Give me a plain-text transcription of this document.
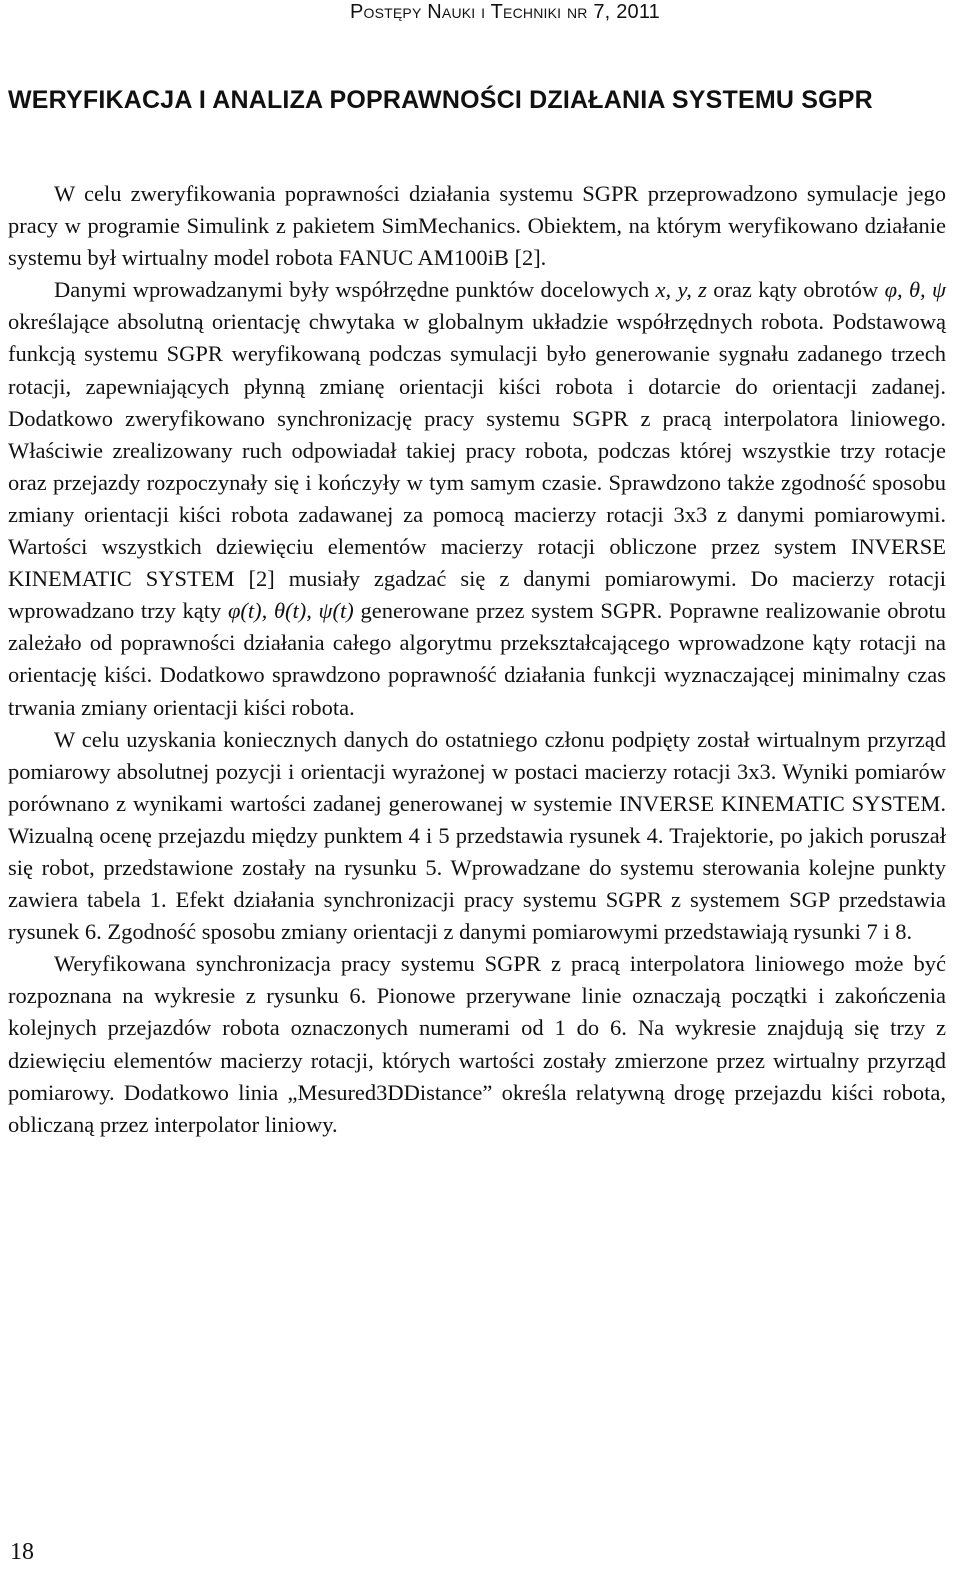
Postępy Nauki i Techniki nr 7, 2011
WERYFIKACJA I ANALIZA POPRAWNOŚCI DZIAŁANIA SYSTEMU SGPR

W celu zweryfikowania poprawności działania systemu SGPR przeprowadzono symulacje jego pracy w programie Simulink z pakietem SimMechanics. Obiektem, na którym weryfikowano działanie systemu był wirtualny model robota FANUC AM100iB [2].

Danymi wprowadzanymi były współrzędne punktów docelowych x, y, z oraz kąty obrotów φ, θ, ψ określające absolutną orientację chwytaka w globalnym układzie współrzędnych robota. Podstawową funkcją systemu SGPR weryfikowaną podczas symulacji było generowanie sygnału zadanego trzech rotacji, zapewniających płynną zmianę orientacji kiści robota i dotarcie do orientacji zadanej. Dodatkowo zweryfikowano synchronizację pracy systemu SGPR z pracą interpolatora liniowego. Właściwie zrealizowany ruch odpowiadał takiej pracy robota, podczas której wszystkie trzy rotacje oraz przejazdy rozpoczynały się i kończyły w tym samym czasie. Sprawdzono także zgodność sposobu zmiany orientacji kiści robota zadawanej za pomocą macierzy rotacji 3x3 z danymi pomiarowymi. Wartości wszystkich dziewięciu elementów macierzy rotacji obliczone przez system INVERSE KINEMATIC SYSTEM [2] musiały zgadzać się z danymi pomiarowymi. Do macierzy rotacji wprowadzano trzy kąty φ(t), θ(t), ψ(t) generowane przez system SGPR. Poprawne realizowanie obrotu zależało od poprawności działania całego algorytmu przekształcającego wprowadzone kąty rotacji na orientację kiści. Dodatkowo sprawdzono poprawność działania funkcji wyznaczającej minimalny czas trwania zmiany orientacji kiści robota.

W celu uzyskania koniecznych danych do ostatniego członu podpięty został wirtualnym przyrząd pomiarowy absolutnej pozycji i orientacji wyrażonej w postaci macierzy rotacji 3x3. Wyniki pomiarów porównano z wynikami wartości zadanej generowanej w systemie INVERSE KINEMATIC SYSTEM. Wizualną ocenę przejazdu między punktem 4 i 5 przedstawia rysunek 4. Trajektorie, po jakich poruszał się robot, przedstawione zostały na rysunku 5. Wprowadzane do systemu sterowania kolejne punkty zawiera tabela 1. Efekt działania synchronizacji pracy systemu SGPR z systemem SGP przedstawia rysunek 6. Zgodność sposobu zmiany orientacji z danymi pomiarowymi przedstawiają rysunki 7 i 8.

Weryfikowana synchronizacja pracy systemu SGPR z pracą interpolatora liniowego może być rozpoznana na wykresie z rysunku 6. Pionowe przerywane linie oznaczają początki i zakończenia kolejnych przejazdów robota oznaczonych numerami od 1 do 6. Na wykresie znajdują się trzy z dziewięciu elementów macierzy rotacji, których wartości zostały zmierzone przez wirtualny przyrząd pomiarowy. Dodatkowo linia „Mesured3DDistance” określa relatywną drogę przejazdu kiści robota, obliczaną przez interpolator liniowy.

18
